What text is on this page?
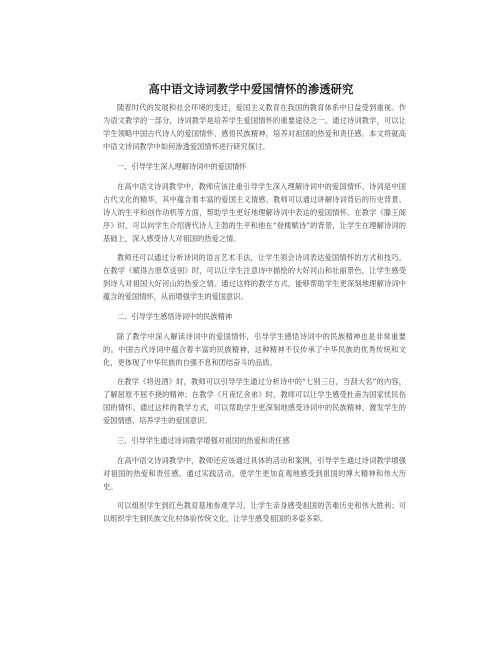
高中语文诗词教学中爱国情怀的渗透研究

随着时代的发展和社会环境的变迁，爱国主义教育在我国的教育体系中日益受到重视。作为语文教学的一部分，诗词教学是培养学生爱国情怀的重要途径之一。通过诗词教学，可以让学生领略中国古代诗人的爱国情怀，感悟民族精神，培养对祖国的热爱和责任感。本文将就高中语文诗词教学中如何渗透爱国情怀进行研究探讨。

一、引导学生深入理解诗词中的爱国情怀

在高中语文诗词教学中，教师应该注重引导学生深入理解诗词中的爱国情怀。诗词是中国古代文化的精华，其中蕴含着丰富的爱国主义情感。教师可以通过讲解诗词背后的历史背景、诗人的生平和创作动机等方面，帮助学生更好地理解诗词中表达的爱国情怀。在教学《滕王阁序》时，可以向学生介绍唐代诗人王勃的生平和他在“登楼赋诗”的背景，让学生在理解诗词的基础上，深入感受诗人对祖国的热爱之情。

教师还可以通过分析诗词的语言艺术手法，让学生领会诗词表达爱国情怀的方式和技巧。在教学《赋得古原草送别》时，可以让学生注意诗中描绘的大好河山和壮丽景色，让学生感受到诗人对祖国大好河山的热爱之情。通过这样的教学方式，能够帮助学生更深刻地理解诗词中蕴含的爱国情怀，从而增强学生的爱国意识。

二、引导学生感悟诗词中的民族精神

除了教学中深入解读诗词中的爱国情怀，引导学生感悟诗词中的民族精神也是非常重要的。中国古代诗词中蕴含着丰富的民族精神，这种精神不仅传承了中华民族的优秀传统和文化，更体现了中华民族的自强不息和团结奋斗的品质。

在教学《将进酒》时，教师可以引导学生通过分析诗中的“七别三日，当刮大名”的内容，了解屈原不屈不挠的精神；在教学《月夜忆舍弟》时，教师可以让学生感受杜甫为国家忧民伤国的情怀。通过这样的教学方式，可以帮助学生更深刻地感受诗词中的民族精神，激发学生的爱国情感，培养学生的爱国意识。

三、引导学生通过诗词教学增强对祖国的热爱和责任感

在高中语文诗词教学中，教师还应该通过具体的活动和案例，引导学生通过诗词教学增强对祖国的热爱和责任感。通过实践活动，使学生更加直观地感受到祖国的博大精神和伟大历史。

可以组织学生到红色教育基地参观学习，让学生亲身感受祖国的苦难历史和伟大胜利；可以组织学生到民族文化村体验传统文化，让学生感受祖国的多姿多彩。
